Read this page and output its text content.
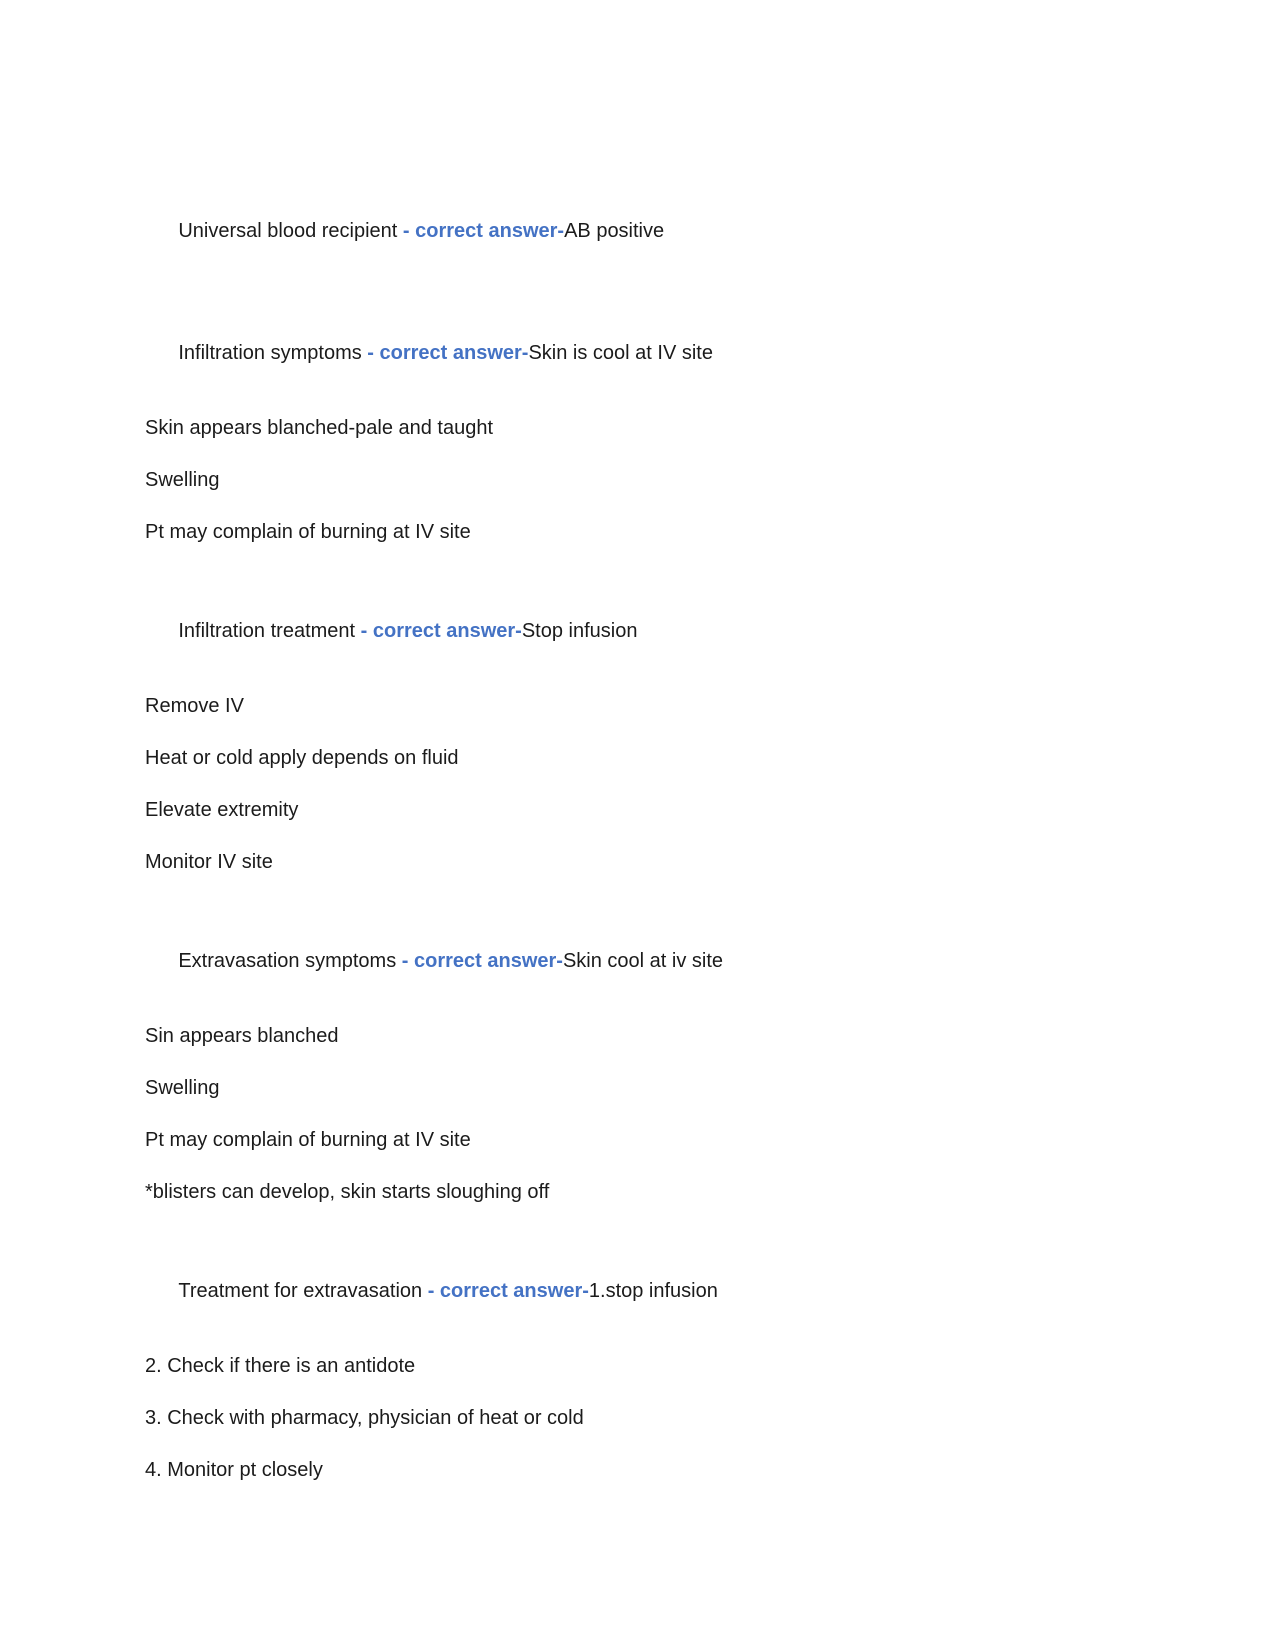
Universal blood recipient - correct answer-AB positive

Infiltration symptoms - correct answer-Skin is cool at IV site

Skin appears blanched-pale and taught

Swelling

Pt may complain of burning at IV site

Infiltration treatment - correct answer-Stop infusion

Remove IV

Heat or cold apply depends on fluid

Elevate extremity

Monitor IV site

Extravasation symptoms - correct answer-Skin cool at iv site

Sin appears blanched

Swelling

Pt may complain of burning at IV site

*blisters can develop, skin starts sloughing off

Treatment for extravasation - correct answer-1.stop infusion

2. Check if there is an antidote

3. Check with pharmacy, physician of heat or cold

4. Monitor pt closely
